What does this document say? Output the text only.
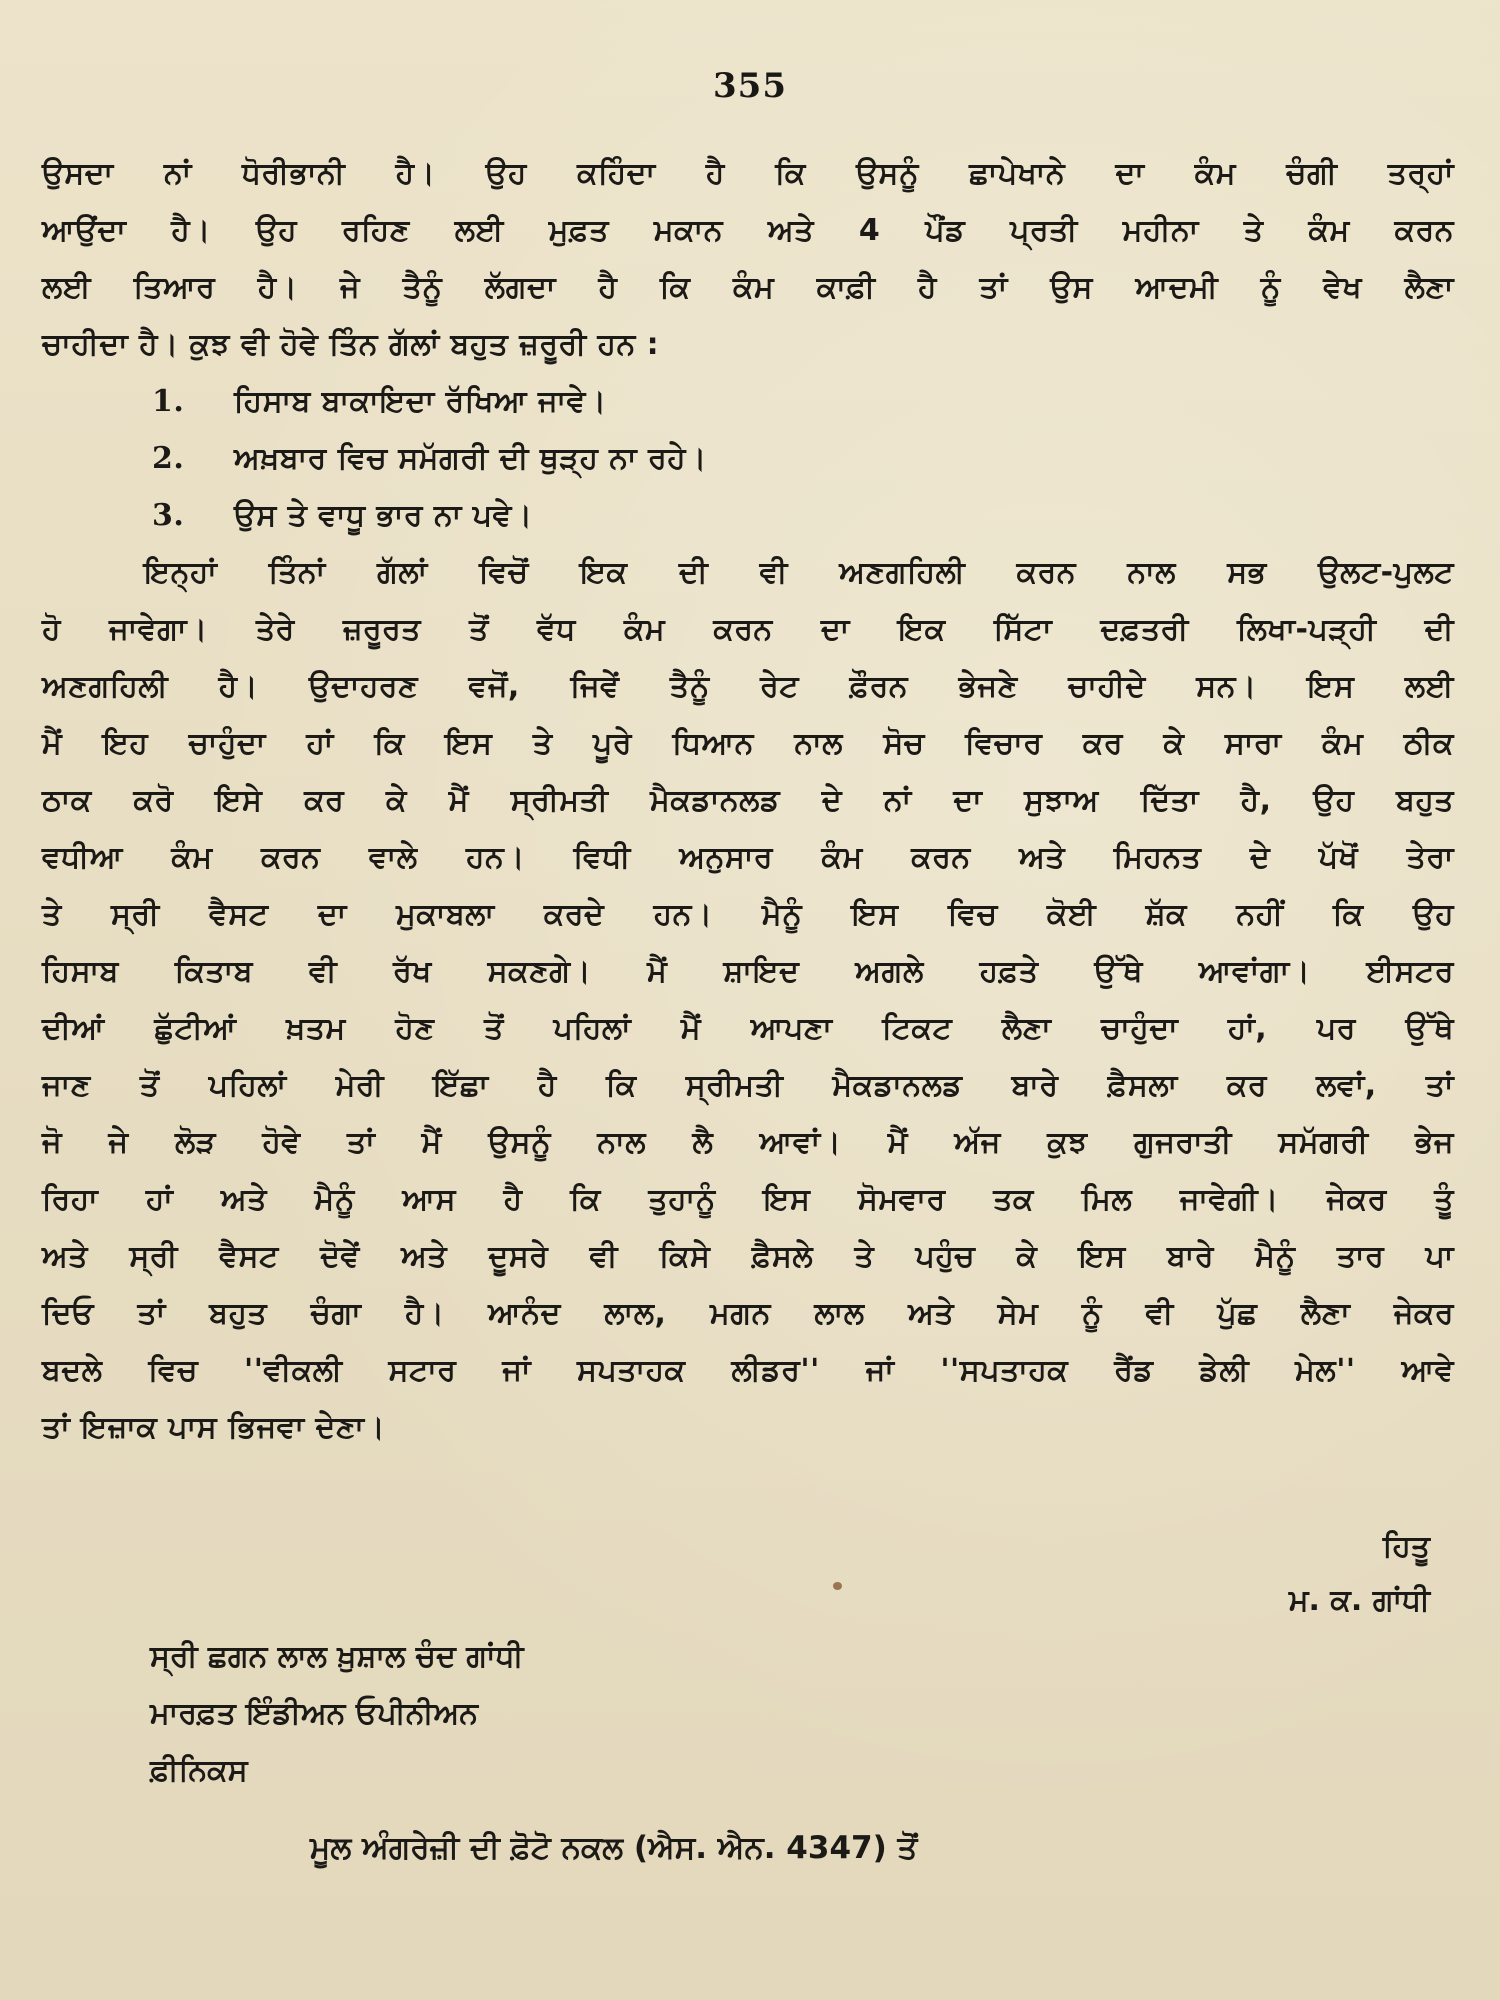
355
ਉਸਦਾ ਨਾਂ ਧੋਰੀਭਾਨੀ ਹੈ। ਉਹ ਕਹਿੰਦਾ ਹੈ ਕਿ ਉਸਨੂੰ ਛਾਪੇਖਾਨੇ ਦਾ ਕੰਮ ਚੰਗੀ ਤਰ੍ਹਾਂ
ਆਉਂਦਾ ਹੈ। ਉਹ ਰਹਿਣ ਲਈ ਮੁਫ਼ਤ ਮਕਾਨ ਅਤੇ 4 ਪੌਂਡ ਪ੍ਰਤੀ ਮਹੀਨਾ ਤੇ ਕੰਮ ਕਰਨ
ਲਈ ਤਿਆਰ ਹੈ। ਜੇ ਤੈਨੂੰ ਲੱਗਦਾ ਹੈ ਕਿ ਕੰਮ ਕਾਫ਼ੀ ਹੈ ਤਾਂ ਉਸ ਆਦਮੀ ਨੂੰ ਵੇਖ ਲੈਣਾ
ਚਾਹੀਦਾ ਹੈ। ਕੁਝ ਵੀ ਹੋਵੇ ਤਿੰਨ ਗੱਲਾਂ ਬਹੁਤ ਜ਼ਰੂਰੀ ਹਨ :
1.	ਹਿਸਾਬ ਬਾਕਾਇਦਾ ਰੱਖਿਆ ਜਾਵੇ।
2.	ਅਖ਼ਬਾਰ ਵਿਚ ਸਮੱਗਰੀ ਦੀ ਥੁੜ੍ਹ ਨਾ ਰਹੇ।
3.	ਉਸ ਤੇ ਵਾਧੂ ਭਾਰ ਨਾ ਪਵੇ।
ਇਨ੍ਹਾਂ ਤਿੰਨਾਂ ਗੱਲਾਂ ਵਿਚੋਂ ਇਕ ਦੀ ਵੀ ਅਣਗਹਿਲੀ ਕਰਨ ਨਾਲ ਸਭ ਉਲਟ-ਪੁਲਟ
ਹੋ ਜਾਵੇਗਾ। ਤੇਰੇ ਜ਼ਰੂਰਤ ਤੋਂ ਵੱਧ ਕੰਮ ਕਰਨ ਦਾ ਇਕ ਸਿੱਟਾ ਦਫ਼ਤਰੀ ਲਿਖਾ-ਪੜ੍ਹੀ ਦੀ
ਅਣਗਹਿਲੀ ਹੈ। ਉਦਾਹਰਣ ਵਜੋਂ, ਜਿਵੇਂ ਤੈਨੂੰ ਰੇਟ ਫ਼ੌਰਨ ਭੇਜਣੇ ਚਾਹੀਦੇ ਸਨ। ਇਸ ਲਈ
ਮੈਂ ਇਹ ਚਾਹੁੰਦਾ ਹਾਂ ਕਿ ਇਸ ਤੇ ਪੂਰੇ ਧਿਆਨ ਨਾਲ ਸੋਚ ਵਿਚਾਰ ਕਰ ਕੇ ਸਾਰਾ ਕੰਮ ਠੀਕ
ਠਾਕ ਕਰੋ ਇਸੇ ਕਰ ਕੇ ਮੈਂ ਸ੍ਰੀਮਤੀ ਮੈਕਡਾਨਲਡ ਦੇ ਨਾਂ ਦਾ ਸੁਝਾਅ ਦਿੱਤਾ ਹੈ, ਉਹ ਬਹੁਤ
ਵਧੀਆ ਕੰਮ ਕਰਨ ਵਾਲੇ ਹਨ। ਵਿਧੀ ਅਨੁਸਾਰ ਕੰਮ ਕਰਨ ਅਤੇ ਮਿਹਨਤ ਦੇ ਪੱਖੋਂ ਤੇਰਾ
ਤੇ ਸ੍ਰੀ ਵੈਸਟ ਦਾ ਮੁਕਾਬਲਾ ਕਰਦੇ ਹਨ। ਮੈਨੂੰ ਇਸ ਵਿਚ ਕੋਈ ਸ਼ੱਕ ਨਹੀਂ ਕਿ ਉਹ
ਹਿਸਾਬ ਕਿਤਾਬ ਵੀ ਰੱਖ ਸਕਣਗੇ। ਮੈਂ ਸ਼ਾਇਦ ਅਗਲੇ ਹਫ਼ਤੇ ਉੱਥੇ ਆਵਾਂਗਾ। ਈਸਟਰ
ਦੀਆਂ ਛੁੱਟੀਆਂ ਖ਼ਤਮ ਹੋਣ ਤੋਂ ਪਹਿਲਾਂ ਮੈਂ ਆਪਣਾ ਟਿਕਟ ਲੈਣਾ ਚਾਹੁੰਦਾ ਹਾਂ, ਪਰ ਉੱਥੇ
ਜਾਣ ਤੋਂ ਪਹਿਲਾਂ ਮੇਰੀ ਇੱਛਾ ਹੈ ਕਿ ਸ੍ਰੀਮਤੀ ਮੈਕਡਾਨਲਡ ਬਾਰੇ ਫ਼ੈਸਲਾ ਕਰ ਲਵਾਂ, ਤਾਂ
ਜੋ ਜੇ ਲੋੜ ਹੋਵੇ ਤਾਂ ਮੈਂ ਉਸਨੂੰ ਨਾਲ ਲੈ ਆਵਾਂ। ਮੈਂ ਅੱਜ ਕੁਝ ਗੁਜਰਾਤੀ ਸਮੱਗਰੀ ਭੇਜ
ਰਿਹਾ ਹਾਂ ਅਤੇ ਮੈਨੂੰ ਆਸ ਹੈ ਕਿ ਤੁਹਾਨੂੰ ਇਸ ਸੋਮਵਾਰ ਤਕ ਮਿਲ ਜਾਵੇਗੀ। ਜੇਕਰ ਤੂੰ
ਅਤੇ ਸ੍ਰੀ ਵੈਸਟ ਦੋਵੇਂ ਅਤੇ ਦੂਸਰੇ ਵੀ ਕਿਸੇ ਫ਼ੈਸਲੇ ਤੇ ਪਹੁੰਚ ਕੇ ਇਸ ਬਾਰੇ ਮੈਨੂੰ ਤਾਰ ਪਾ
ਦਿਓ ਤਾਂ ਬਹੁਤ ਚੰਗਾ ਹੈ। ਆਨੰਦ ਲਾਲ, ਮਗਨ ਲਾਲ ਅਤੇ ਸੇਮ ਨੂੰ ਵੀ ਪੁੱਛ ਲੈਣਾ ਜੇਕਰ
ਬਦਲੇ ਵਿਚ ''ਵੀਕਲੀ ਸਟਾਰ ਜਾਂ ਸਪਤਾਹਕ ਲੀਡਰ'' ਜਾਂ ''ਸਪਤਾਹਕ ਰੈਂਡ ਡੇਲੀ ਮੇਲ'' ਆਵੇ
ਤਾਂ ਇਜ਼ਾਕ ਪਾਸ ਭਿਜਵਾ ਦੇਣਾ।
ਹਿਤੂ
ਮ. ਕ. ਗਾਂਧੀ
ਸ੍ਰੀ ਛਗਨ ਲਾਲ ਖ਼ੁਸ਼ਾਲ ਚੰਦ ਗਾਂਧੀ
ਮਾਰਫ਼ਤ ਇੰਡੀਅਨ ਓਪੀਨੀਅਨ
ਫ਼ੀਨਿਕਸ
ਮੂਲ ਅੰਗਰੇਜ਼ੀ ਦੀ ਫ਼ੋਟੋ ਨਕਲ (ਐਸ. ਐਨ. 4347) ਤੋਂ
